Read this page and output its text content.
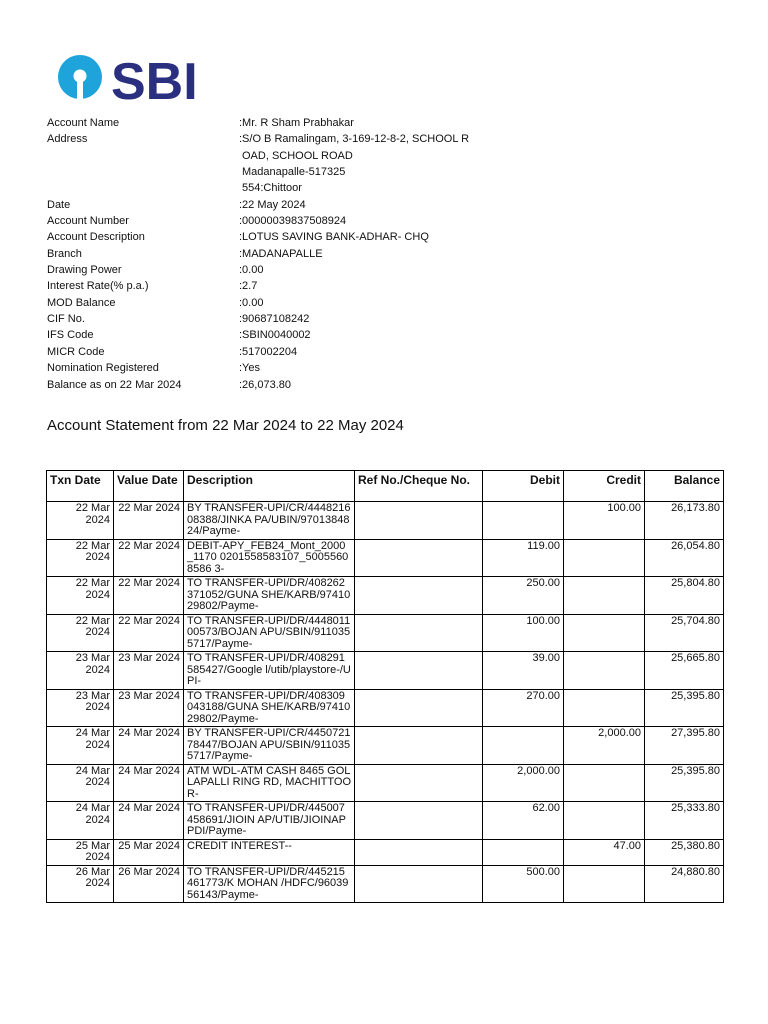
SBI
Account Name	:Mr. R Sham Prabhakar
Address	:S/O B Ramalingam, 3-169-12-8-2, SCHOOL R
OAD, SCHOOL ROAD
Madanapalle-517325
554:Chittoor
Date	:22 May 2024
Account Number	:00000039837508924
Account Description	:LOTUS SAVING BANK-ADHAR- CHQ
Branch	:MADANAPALLE
Drawing Power	:0.00
Interest Rate(% p.a.)	:2.7
MOD Balance	:0.00
CIF No.	:90687108242
IFS Code	:SBIN0040002
MICR Code	:517002204
Nomination Registered	:Yes
Balance as on 22 Mar 2024	:26,073.80
Account Statement from 22 Mar 2024 to 22 May 2024
Txn Date	Value Date	Description	Ref No./Cheque No.	Debit	Credit	Balance
22 Mar 2024	22 Mar 2024	BY TRANSFER-UPI/CR/444821608388/JINKA PA/UBIN/9701384824/Payme-			100.00	26,173.80
22 Mar 2024	22 Mar 2024	DEBIT-APY_FEB24_Mont_2000_1170 0201558583107_50055608586 3-		119.00		26,054.80
22 Mar 2024	22 Mar 2024	TO TRANSFER-UPI/DR/408262371052/GUNA SHE/KARB/9741029802/Payme-		250.00		25,804.80
22 Mar 2024	22 Mar 2024	TO TRANSFER-UPI/DR/444801100573/BOJAN APU/SBIN/9110355717/Payme-		100.00		25,704.80
23 Mar 2024	23 Mar 2024	TO TRANSFER-UPI/DR/408291585427/Google l/utib/playstore-/UPI-		39.00		25,665.80
23 Mar 2024	23 Mar 2024	TO TRANSFER-UPI/DR/408309043188/GUNA SHE/KARB/9741029802/Payme-		270.00		25,395.80
24 Mar 2024	24 Mar 2024	BY TRANSFER-UPI/CR/445072178447/BOJAN APU/SBIN/9110355717/Payme-			2,000.00	27,395.80
24 Mar 2024	24 Mar 2024	ATM WDL-ATM CASH 8465 GOLLAPALLI RING RD, MACHITTOOR-		2,000.00		25,395.80
24 Mar 2024	24 Mar 2024	TO TRANSFER-UPI/DR/445007458691/JIOIN AP/UTIB/JIOINAPPDI/Payme-		62.00		25,333.80
25 Mar 2024	25 Mar 2024	CREDIT INTEREST--			47.00	25,380.80
26 Mar 2024	26 Mar 2024	TO TRANSFER-UPI/DR/445215461773/K MOHAN /HDFC/9603956143/Payme-		500.00		24,880.80
